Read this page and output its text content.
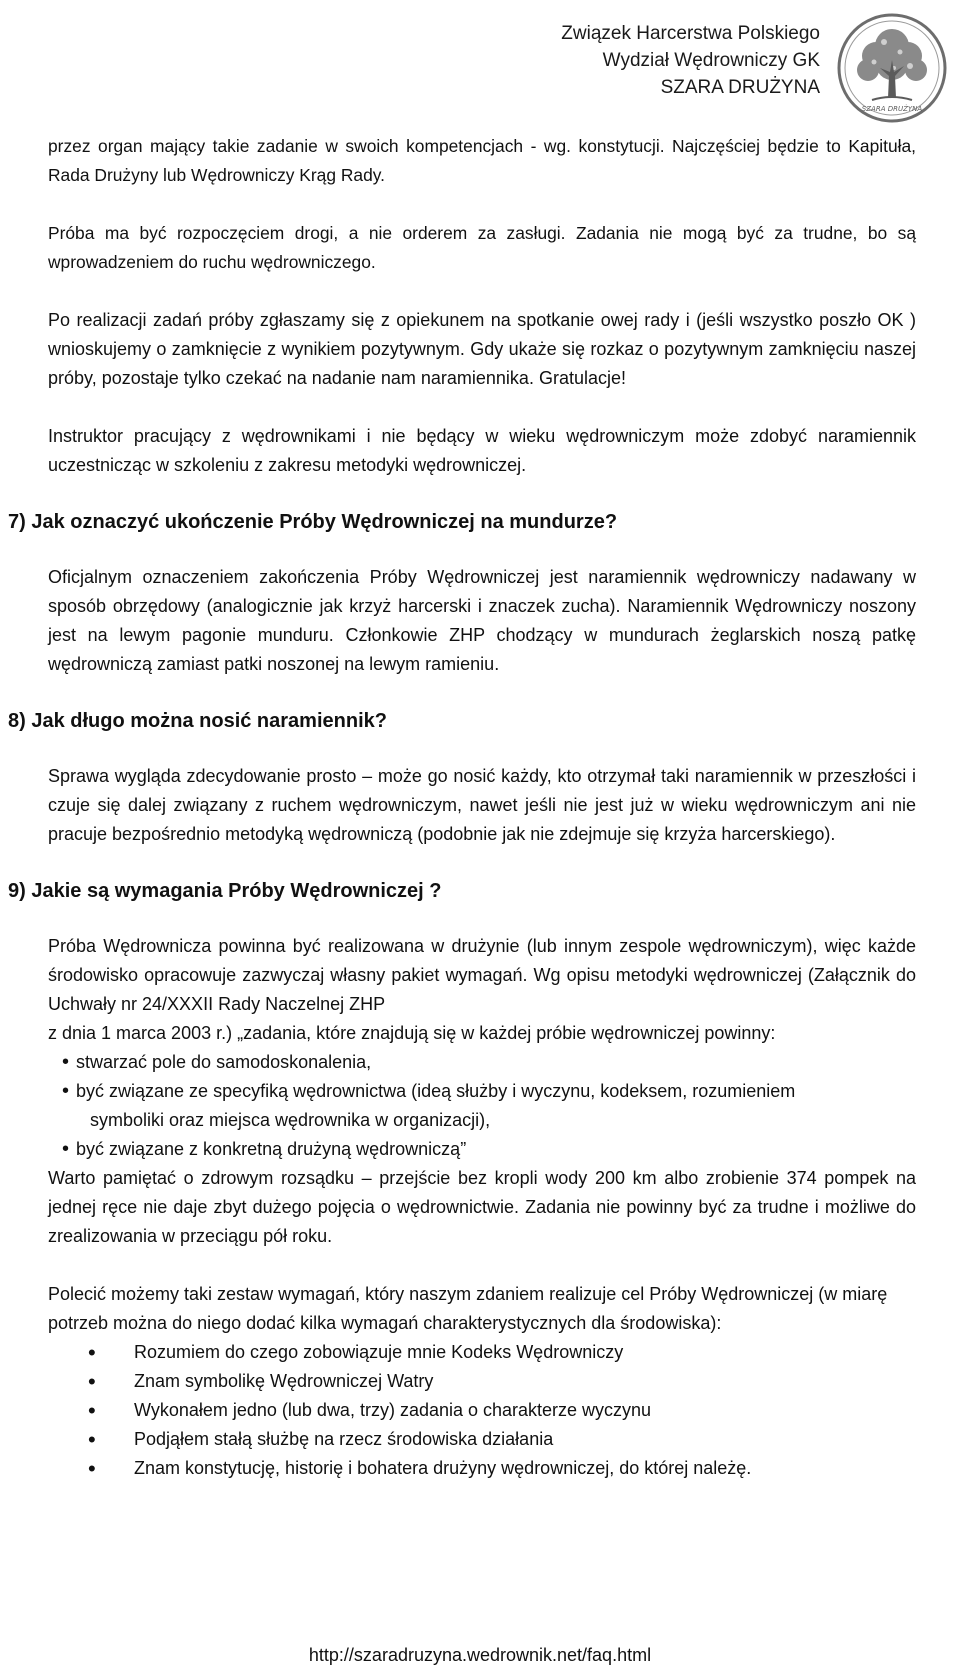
Związek Harcerstwa Polskiego
Wydział Wędrowniczy GK
SZARA DRUŻYNA
SZARA DRUŻYNA

przez organ mający takie zadanie w swoich kompetencjach - wg. konstytucji. Najczęściej będzie to Kapituła, Rada Drużyny lub Wędrowniczy Krąg Rady.

Próba ma być rozpoczęciem drogi, a nie orderem za zasługi. Zadania nie mogą być za trudne, bo są wprowadzeniem do ruchu wędrowniczego.

Po realizacji zadań próby zgłaszamy się z opiekunem na spotkanie owej rady i (jeśli wszystko poszło OK ) wnioskujemy o zamknięcie z wynikiem pozytywnym. Gdy ukaże się rozkaz o pozytywnym zamknięciu naszej próby, pozostaje tylko czekać na nadanie nam naramiennika. Gratulacje!

Instruktor pracujący z wędrownikami i nie będący w wieku wędrowniczym może zdobyć naramiennik uczestnicząc w szkoleniu z zakresu metodyki wędrowniczej.

7) Jak oznaczyć ukończenie Próby Wędrowniczej na mundurze?

Oficjalnym oznaczeniem zakończenia Próby Wędrowniczej jest naramiennik wędrowniczy nadawany w sposób obrzędowy (analogicznie jak krzyż harcerski i znaczek zucha). Naramiennik Wędrowniczy noszony jest na lewym pagonie munduru. Członkowie ZHP chodzący w mundurach żeglarskich noszą patkę wędrowniczą zamiast patki noszonej na lewym ramieniu.

8) Jak długo można nosić naramiennik?

Sprawa wygląda zdecydowanie prosto – może go nosić każdy, kto otrzymał taki naramiennik w przeszłości i czuje się dalej związany z ruchem wędrowniczym, nawet jeśli nie jest już w wieku wędrowniczym ani nie pracuje bezpośrednio metodyką wędrowniczą (podobnie jak nie zdejmuje się krzyża harcerskiego).

9) Jakie są wymagania Próby Wędrowniczej ?

Próba Wędrownicza powinna być realizowana w drużynie (lub innym zespole wędrowniczym), więc każde środowisko opracowuje zazwyczaj własny pakiet wymagań. Wg opisu metodyki wędrowniczej (Załącznik do Uchwały nr 24/XXXII Rady Naczelnej ZHP

z dnia 1 marca 2003 r.) „zadania, które znajdują się w każdej próbie wędrowniczej powinny:

• stwarzać pole do samodoskonalenia,
• być związane ze specyfiką wędrownictwa (ideą służby i wyczynu, kodeksem, rozumieniem
symboliki oraz miejsca wędrownika w organizacji),
• być związane z konkretną drużyną wędrowniczą”

Warto pamiętać o zdrowym rozsądku – przejście bez kropli wody 200 km albo zrobienie 374 pompek na jednej ręce nie daje zbyt dużego pojęcia o wędrownictwie. Zadania nie powinny być za trudne i możliwe do zrealizowania w przeciągu pół roku.

Polecić możemy taki zestaw wymagań, który naszym zdaniem realizuje cel Próby Wędrowniczej (w miarę potrzeb można do niego dodać kilka wymagań charakterystycznych dla środowiska):

• Rozumiem do czego zobowiązuje mnie Kodeks Wędrowniczy
• Znam symbolikę Wędrowniczej Watry
• Wykonałem jedno (lub dwa, trzy) zadania o charakterze wyczynu
• Podjąłem stałą służbę na rzecz środowiska działania
• Znam konstytucję, historię i bohatera drużyny wędrowniczej, do której należę.
http://szaradruzyna.wedrownik.net/faq.html
